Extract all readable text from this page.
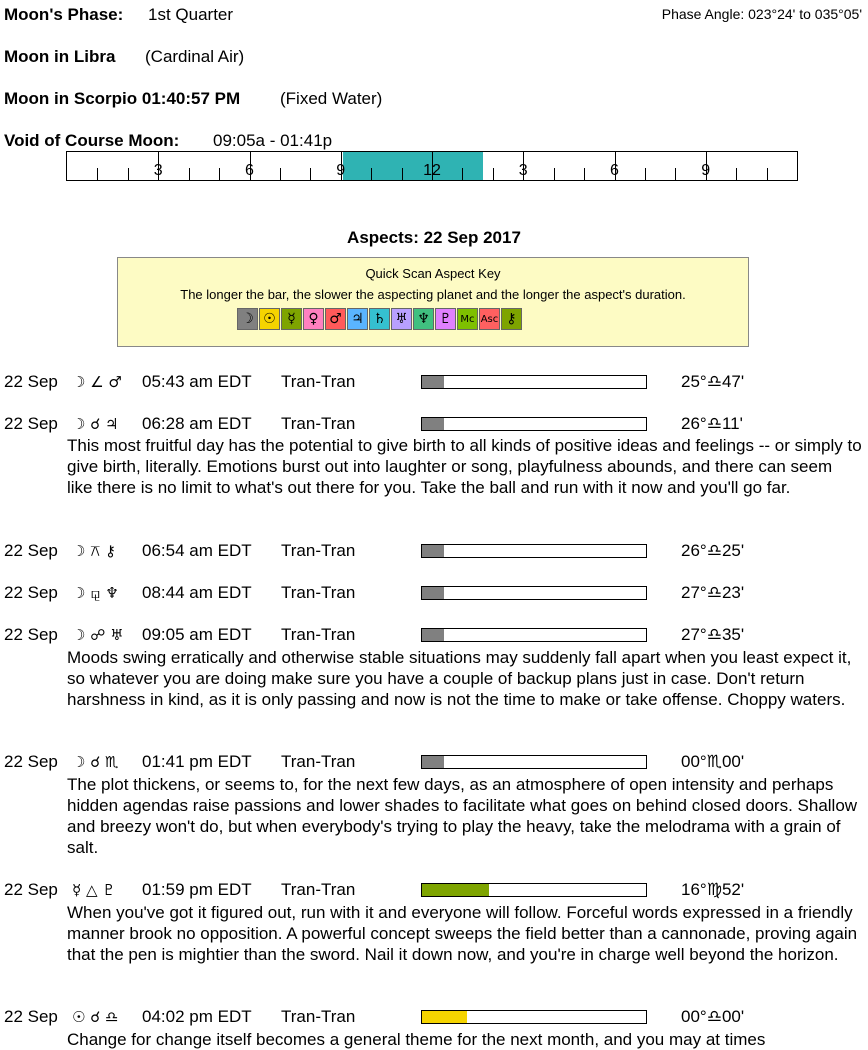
Moon's Phase: 1st Quarter	Phase Angle: 023°24' to 035°05'
Moon in Libra (Cardinal Air)
Moon in Scorpio 01:40:57 PM (Fixed Water)
Void of Course Moon: 09:05a - 01:41p
3	6	9	12	3	6	9
Aspects: 22 Sep 2017
Quick Scan Aspect Key
The longer the bar, the slower the aspecting planet and the longer the aspect's duration.
☽ ☉ ☿ ♀ ♂ ♃ ♄ ♅ ♆ ♇ Mc Asc ⚷
22 Sep ☽ ∠ ♂ 05:43 am EDT Tran-Tran	25°♎47'
22 Sep ☽ ☌ ♃ 06:28 am EDT Tran-Tran	26°♎11'
This most fruitful day has the potential to give birth to all kinds of positive ideas and feelings -- or simply to give birth, literally. Emotions burst out into laughter or song, playfulness abounds, and there can seem like there is no limit to what's out there for you. Take the ball and run with it now and you'll go far.
22 Sep ☽ ⚻ ⚷ 06:54 am EDT Tran-Tran	26°♎25'
22 Sep ☽ ⚼ ♆ 08:44 am EDT Tran-Tran	27°♎23'
22 Sep ☽ ☍ ♅ 09:05 am EDT Tran-Tran	27°♎35'
Moods swing erratically and otherwise stable situations may suddenly fall apart when you least expect it, so whatever you are doing make sure you have a couple of backup plans just in case. Don't return harshness in kind, as it is only passing and now is not the time to make or take offense. Choppy waters.
22 Sep ☽ ☌ ♏ 01:41 pm EDT Tran-Tran	00°♏00'
The plot thickens, or seems to, for the next few days, as an atmosphere of open intensity and perhaps hidden agendas raise passions and lower shades to facilitate what goes on behind closed doors. Shallow and breezy won't do, but when everybody's trying to play the heavy, take the melodrama with a grain of salt.
22 Sep ☿ △ ♇ 01:59 pm EDT Tran-Tran	16°♍52'
When you've got it figured out, run with it and everyone will follow. Forceful words expressed in a friendly manner brook no opposition. A powerful concept sweeps the field better than a cannonade, proving again that the pen is mightier than the sword. Nail it down now, and you're in charge well beyond the horizon.
22 Sep ☉ ☌ ♎ 04:02 pm EDT Tran-Tran	00°♎00'
Change for change itself becomes a general theme for the next month, and you may at times
